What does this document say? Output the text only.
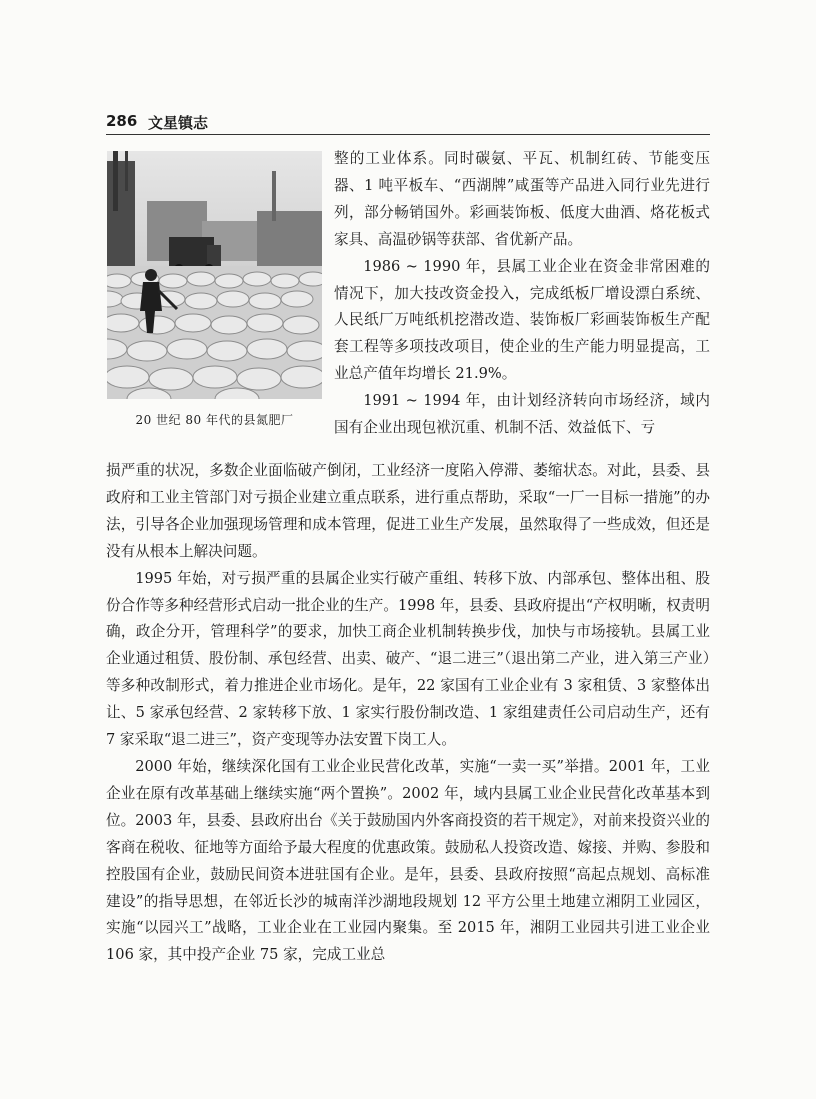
286 文星镇志
20 世纪 80 年代的县氮肥厂

整的工业体系。同时碳氨、平瓦、机制红砖、节能变压器、1 吨平板车、“西湖牌”咸蛋等产品进入同行业先进行列，部分畅销国外。彩画装饰板、低度大曲酒、烙花板式家具、高温砂锅等获部、省优新产品。

1986 ~ 1990 年，县属工业企业在资金非常困难的情况下，加大技改资金投入，完成纸板厂增设漂白系统、人民纸厂万吨纸机挖潜改造、装饰板厂彩画装饰板生产配套工程等多项技改项目，使企业的生产能力明显提高，工业总产值年均增长 21.9%。

1991 ~ 1994 年，由计划经济转向市场经济，域内国有企业出现包袱沉重、机制不活、效益低下、亏

损严重的状况，多数企业面临破产倒闭，工业经济一度陷入停滞、萎缩状态。对此，县委、县政府和工业主管部门对亏损企业建立重点联系，进行重点帮助，采取“一厂一目标一措施”的办法，引导各企业加强现场管理和成本管理，促进工业生产发展，虽然取得了一些成效，但还是没有从根本上解决问题。

1995 年始，对亏损严重的县属企业实行破产重组、转移下放、内部承包、整体出租、股份合作等多种经营形式启动一批企业的生产。1998 年，县委、县政府提出“产权明晰，权责明确，政企分开，管理科学”的要求，加快工商企业机制转换步伐，加快与市场接轨。县属工业企业通过租赁、股份制、承包经营、出卖、破产、“退二进三”（退出第二产业，进入第三产业）等多种改制形式，着力推进企业市场化。是年，22 家国有工业企业有 3 家租赁、3 家整体出让、5 家承包经营、2 家转移下放、1 家实行股份制改造、1 家组建责任公司启动生产，还有 7 家采取“退二进三”，资产变现等办法安置下岗工人。

2000 年始，继续深化国有工业企业民营化改革，实施“一卖一买”举措。2001 年，工业企业在原有改革基础上继续实施“两个置换”。2002 年，域内县属工业企业民营化改革基本到位。2003 年，县委、县政府出台《关于鼓励国内外客商投资的若干规定》，对前来投资兴业的客商在税收、征地等方面给予最大程度的优惠政策。鼓励私人投资改造、嫁接、并购、参股和控股国有企业，鼓励民间资本进驻国有企业。是年，县委、县政府按照“高起点规划、高标准建设”的指导思想，在邻近长沙的城南洋沙湖地段规划 12 平方公里土地建立湘阴工业园区，实施“以园兴工”战略，工业企业在工业园内聚集。至 2015 年，湘阴工业园共引进工业企业 106 家，其中投产企业 75 家，完成工业总
